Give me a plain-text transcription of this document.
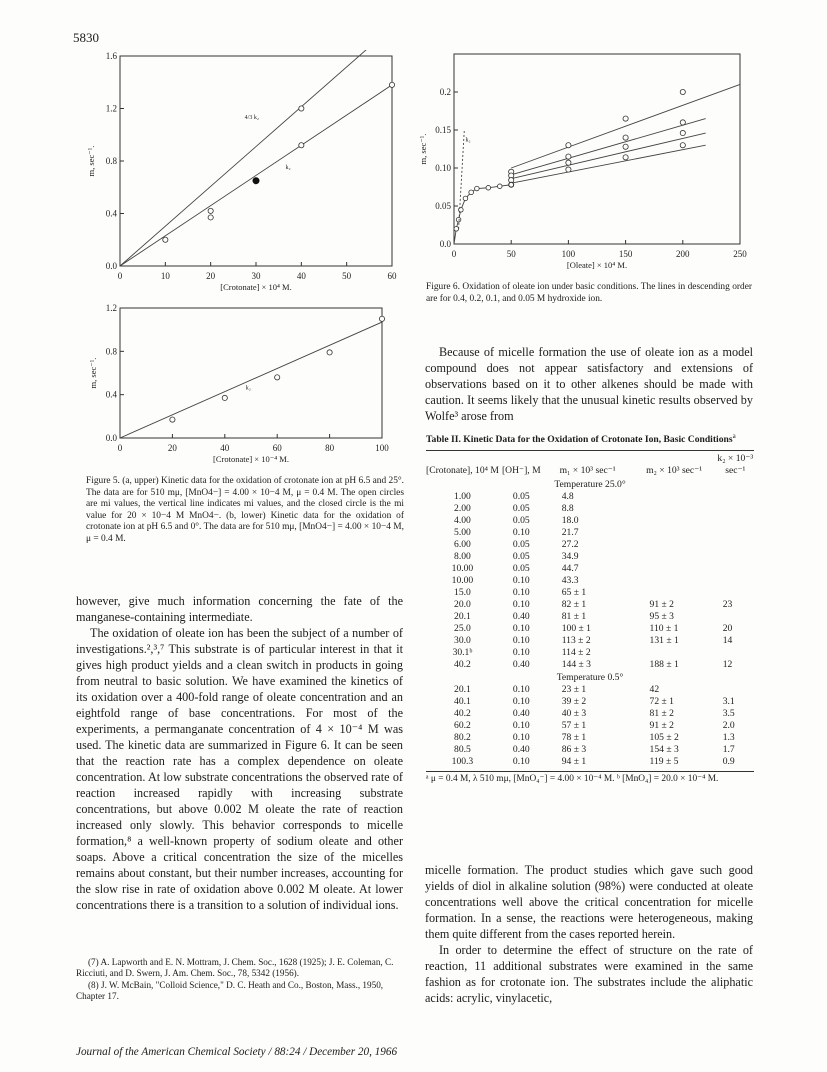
5830
0	10	20	30	40	50	60
0.0
0.4
0.8
1.2
1.6
[Crotonate] × 10⁴ M.
m, sec⁻¹.
4/3 k₂
k₂
0	20	40	60	80	100
0.0
0.4
0.8
1.2
[Crotonate] × 10⁻⁴ M.
m, sec⁻¹.	k₂
Figure 5. (a, upper) Kinetic data for the oxidation of crotonate ion at pH 6.5 and 25°. The data are for 510 mμ, [MnO4−] = 4.00 × 10−4 M, μ = 0.4 M. The open circles are mi values, the vertical line indicates mi values, and the closed circle is the mi value for 20 × 10−4 M MnO4−. (b, lower) Kinetic data for the oxidation of crotonate ion at pH 6.5 and 0°. The data are for 510 mμ, [MnO4−] = 4.00 × 10−4 M, μ = 0.4 M.

however, give much information concerning the fate of the manganese-containing intermediate.

The oxidation of oleate ion has been the subject of a number of investigations.²,³,⁷ This substrate is of particular interest in that it gives high product yields and a clean switch in products in going from neutral to basic solution. We have examined the kinetics of its oxidation over a 400-fold range of oleate concentration and an eightfold range of base concentrations. For most of the experiments, a permanganate concentration of 4 × 10⁻⁴ M was used. The kinetic data are summarized in Figure 6. It can be seen that the reaction rate has a complex dependence on oleate concentration. At low substrate concentrations the observed rate of reaction increased rapidly with increasing substrate concentrations, but above 0.002 M oleate the rate of reaction increased only slowly. This behavior corresponds to micelle formation,⁸ a well-known property of sodium oleate and other soaps. Above a critical concentration the size of the micelles remains about constant, but their number increases, accounting for the slow rise in rate of oxidation above 0.002 M oleate. At lower concentrations there is a transition to a solution of individual ions.

(7) A. Lapworth and E. N. Mottram, J. Chem. Soc., 1628 (1925); J. E. Coleman, C. Ricciuti, and D. Swern, J. Am. Chem. Soc., 78, 5342 (1956).

(8) J. W. McBain, "Colloid Science," D. C. Heath and Co., Boston, Mass., 1950, Chapter 17.

0	50	100	150	200	250
0.0
0.05
0.10
0.15
0.2
[Oleate] × 10⁴ M.
m, sec⁻¹.	k₂
Figure 6. Oxidation of oleate ion under basic conditions. The lines in descending order are for 0.4, 0.2, 0.1, and 0.05 M hydroxide ion.

Because of micelle formation the use of oleate ion as a model compound does not appear satisfactory and extensions of observations based on it to other alkenes should be made with caution. It seems likely that the unusual kinetic results observed by Wolfe³ arose from

Table II. Kinetic Data for the Oxidation of Crotonate Ion, Basic Conditions$^a$
[Crotonate], 10⁴ M	[OH⁻], M	m₁ × 10³ sec⁻¹	m₂ × 10³ sec⁻¹	k₂ × 10⁻³ sec⁻¹
Temperature 25.0°				
1.00	0.05	4.8		
2.00	0.05	8.8		
4.00	0.05	18.0		
5.00	0.10	21.7		
6.00	0.05	27.2		
8.00	0.05	34.9		
10.00	0.05	44.7		
10.00	0.10	43.3		
15.0	0.10	65 ± 1		
20.0	0.10	82 ± 1	91 ± 2	23
20.1	0.40	81 ± 1	95 ± 3	
25.0	0.10	100 ± 1	110 ± 1	20
30.0	0.10	113 ± 2	131 ± 1	14
30.1ᵇ	0.10	114 ± 2		
40.2	0.40	144 ± 3	188 ± 1	12
Temperature 0.5°				
20.1	0.10	23 ± 1	42	
40.1	0.10	39 ± 2	72 ± 1	3.1
40.2	0.40	40 ± 3	81 ± 2	3.5
60.2	0.10	57 ± 1	91 ± 2	2.0
80.2	0.10	78 ± 1	105 ± 2	1.3
80.5	0.40	86 ± 3	154 ± 3	1.7
100.3	0.10	94 ± 1	119 ± 5	0.9
ᵃ μ = 0.4 M, λ 510 mμ, [MnO₄⁻] = 4.00 × 10⁻⁴ M. ᵇ [MnO₄] = 20.0 × 10⁻⁴ M.

micelle formation. The product studies which gave such good yields of diol in alkaline solution (98%) were conducted at oleate concentrations well above the critical concentration for micelle formation. In a sense, the reactions were heterogeneous, making them quite different from the cases reported herein.

In order to determine the effect of structure on the rate of reaction, 11 additional substrates were examined in the same fashion as for crotonate ion. The substrates include the aliphatic acids: acrylic, vinylacetic,

Journal of the American Chemical Society / 88:24 / December 20, 1966
